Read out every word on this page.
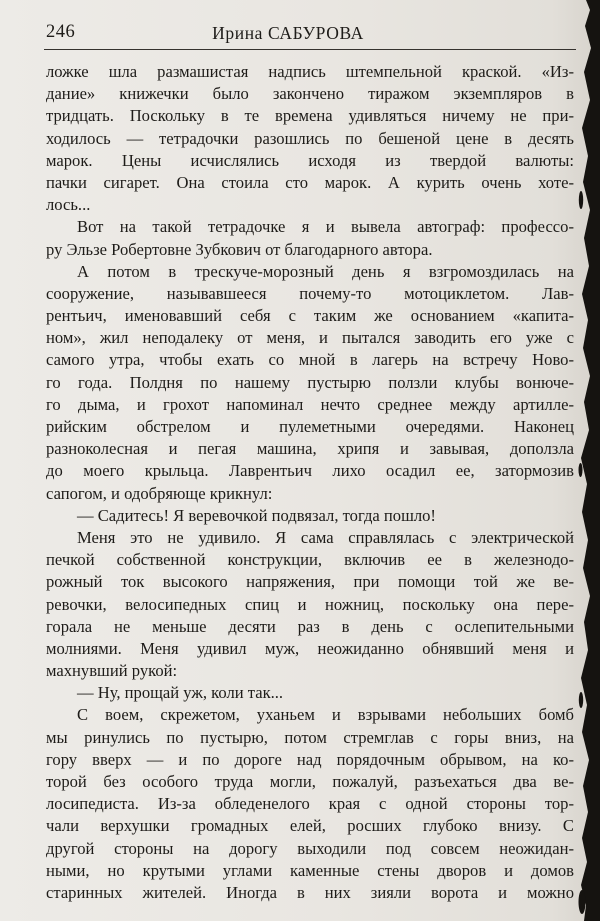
246	Ирина САБУРОВА
ложке шла размашистая надпись штемпельной краской. «Из-
дание» книжечки было закончено тиражом экземпляров в
тридцать. Поскольку в те времена удивляться ничему не при-
ходилось — тетрадочки разошлись по бешеной цене в десять
марок. Цены исчислялись исходя из твердой валюты:
пачки сигарет. Она стоила сто марок. А курить очень хоте-
лось...
Вот на такой тетрадочке я и вывела автограф: профессо-
ру Эльзе Робертовне Зубкович от благодарного автора.
А потом в трескуче-морозный день я взгромоздилась на
сооружение, называвшееся почему-то мотоциклетом. Лав-
рентьич, именовавший себя с таким же основанием «капита-
ном», жил неподалеку от меня, и пытался заводить его уже с
самого утра, чтобы ехать со мной в лагерь на встречу Ново-
го года. Полдня по нашему пустырю ползли клубы вонюче-
го дыма, и грохот напоминал нечто среднее между артилле-
рийским обстрелом и пулеметными очередями. Наконец
разноколесная и пегая машина, хрипя и завывая, доползла
до моего крыльца. Лаврентьич лихо осадил ее, затормозив
сапогом, и одобряюще крикнул:
— Садитесь! Я веревочкой подвязал, тогда пошло!
Меня это не удивило. Я сама справлялась с электрической
печкой собственной конструкции, включив ее в железнодо-
рожный ток высокого напряжения, при помощи той же ве-
ревочки, велосипедных спиц и ножниц, поскольку она пере-
горала не меньше десяти раз в день с ослепительными
молниями. Меня удивил муж, неожиданно обнявший меня и
махнувший рукой:
— Ну, прощай уж, коли так...
С воем, скрежетом, уханьем и взрывами небольших бомб
мы ринулись по пустырю, потом стремглав с горы вниз, на
гору вверх — и по дороге над порядочным обрывом, на ко-
торой без особого труда могли, пожалуй, разъехаться два ве-
лосипедиста. Из-за обледенелого края с одной стороны тор-
чали верхушки громадных елей, росших глубоко внизу. С
другой стороны на дорогу выходили под совсем неожидан-
ными, но крутыми углами каменные стены дворов и домов
старинных жителей. Иногда в них зияли ворота и можно
